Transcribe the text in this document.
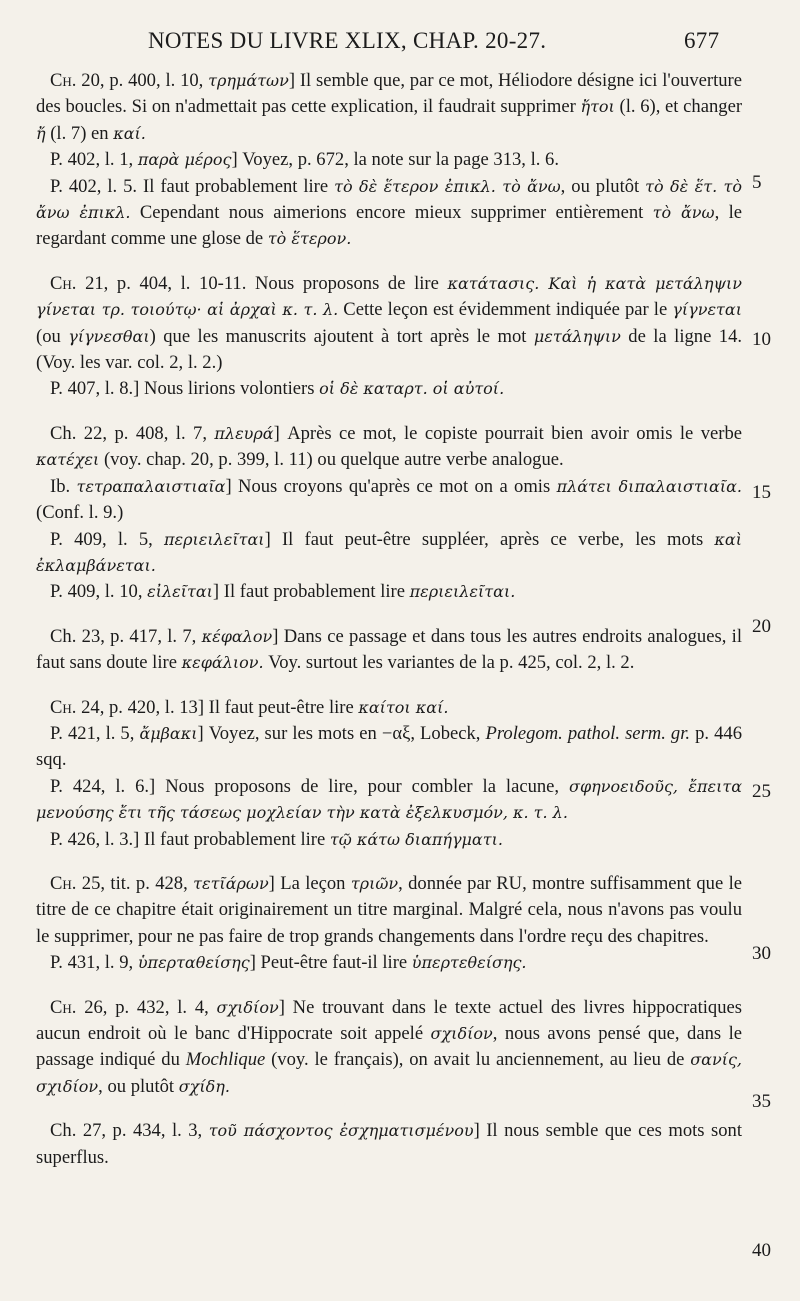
NOTES DU LIVRE XLIX, CHAP. 20-27.	677

Ch. 20, p. 400, l. 10, τρημάτων] Il semble que, par ce mot, Héliodore désigne ici l'ouverture des boucles. Si on n'admettait pas cette explication, il faudrait supprimer ἤτοι (l. 6), et changer ἤ (l. 7) en καί.

P. 402, l. 1, παρὰ μέρος] Voyez, p. 672, la note sur la page 313, l. 6.

P. 402, l. 5. Il faut probablement lire τὸ δὲ ἕτερον ἐπικλ. τὸ ἄνω, ou plutôt τὸ δὲ ἕτ. τὸ ἄνω ἐπικλ. Cependant nous aimerions encore mieux supprimer entièrement τὸ ἄνω, le regardant comme une glose de τὸ ἕτερον.

Ch. 21, p. 404, l. 10-11. Nous proposons de lire κατάτασις. Καὶ ἡ κατὰ μετάληψιν γίνεται τρ. τοιούτῳ· αἱ ἀρχαὶ κ. τ. λ. Cette leçon est évidemment indiquée par le γίγνεται (ou γίγνεσθαι) que les manuscrits ajoutent à tort après le mot μετάληψιν de la ligne 14. (Voy. les var. col. 2, l. 2.)

P. 407, l. 8.] Nous lirions volontiers οἱ δὲ καταρτ. οἱ αὐτοί.

Ch. 22, p. 408, l. 7, πλευρά] Après ce mot, le copiste pourrait bien avoir omis le verbe κατέχει (voy. chap. 20, p. 399, l. 11) ou quelque autre verbe analogue.

Ib. τετραπαλαιστιαῖα] Nous croyons qu'après ce mot on a omis πλάτει διπαλαιστιαῖα. (Conf. l. 9.)

P. 409, l. 5, περιειλεῖται] Il faut peut-être suppléer, après ce verbe, les mots καὶ ἐκλαμβάνεται.

P. 409, l. 10, εἰλεῖται] Il faut probablement lire περιειλεῖται.

Ch. 23, p. 417, l. 7, κέφαλον] Dans ce passage et dans tous les autres endroits analogues, il faut sans doute lire κεφάλιον. Voy. surtout les variantes de la p. 425, col. 2, l. 2.

Ch. 24, p. 420, l. 13] Il faut peut-être lire καίτοι καί.

P. 421, l. 5, ἄμβακι] Voyez, sur les mots en −αξ, Lobeck, Prolegom. pathol. serm. gr. p. 446 sqq.

P. 424, l. 6.] Nous proposons de lire, pour combler la lacune, σφηνοειδοῦς, ἔπειτα μενούσης ἔτι τῆς τάσεως μοχλείαν τὴν κατὰ ἐξελκυσμόν, κ. τ. λ.

P. 426, l. 3.] Il faut probablement lire τῷ κάτω διαπήγματι.

Ch. 25, tit. p. 428, τετῖάρων] La leçon τριῶν, donnée par RU, montre suffisamment que le titre de ce chapitre était originairement un titre marginal. Malgré cela, nous n'avons pas voulu le supprimer, pour ne pas faire de trop grands changements dans l'ordre reçu des chapitres.

P. 431, l. 9, ὑπερταθείσης] Peut-être faut-il lire ὑπερτεθείσης.

Ch. 26, p. 432, l. 4, σχιδίον] Ne trouvant dans le texte actuel des livres hippocratiques aucun endroit où le banc d'Hippocrate soit appelé σχιδίον, nous avons pensé que, dans le passage indiqué du Mochlique (voy. le français), on avait lu anciennement, au lieu de σανίς, σχιδίον, ou plutôt σχίδη.

Ch. 27, p. 434, l. 3, τοῦ πάσχοντος ἐσχηματισμένου] Il nous semble que ces mots sont superflus.

5
10
15
20
25
30
35
40
